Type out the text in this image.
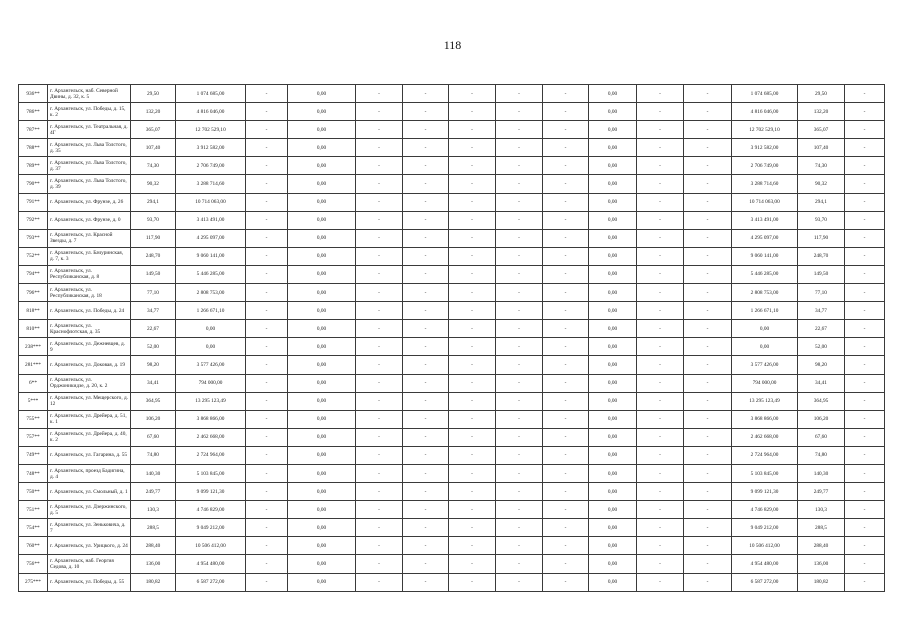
118
936**	г. Архангельск, наб. Северной Двины, д. 32, к. 5	29,50	1 074 685,00	-	0,00	-	-	-	-	-	0,00	-	-	1 074 685,00	29,50	-
786**	г. Архангельск, ул. Победы, д. 15, к. 2	132,20	4 816 046,00	-	0,00	-	-	-	-	-	0,00	-	-	4 816 046,00	132,20	-
787**	г. Архангельск, ул. Театральная, д. 4Г	365,07	12 702 529,10	-	0,00	-	-	-	-	-	0,00	-	-	12 702 529,10	365,07	-
788**	г. Архангельск, ул. Льва Толстого, д. 35	107,40	3 912 582,00	-	0,00	-	-	-	-	-	0,00	-	-	3 912 582,00	107,40	-
789**	г. Архангельск, ул. Льва Толстого, д. 37	74,30	2 706 749,00	-	0,00	-	-	-	-	-	0,00	-	-	2 706 749,00	74,30	-
790**	г. Архангельск, ул. Льва Толстого, д. 39	90,32	3 288 714,60	-	0,00	-	-	-	-	-	0,00	-	-	3 288 714,60	90,32	-
791**	г. Архангельск, ул. Фрунзе, д. 26	294,1	10 714 063,00	-	0,00	-	-	-	-	-	0,00	-	-	10 714 063,00	294,1	-
792**	г. Архангельск, ул. Фрунзе, д. 0	93,70	3 413 491,00	-	0,00	-	-	-	-	-	0,00	-	-	3 413 491,00	93,70	-
793**	г. Архангельск, ул. Красной Звезды, д. 7	117,90	4 295 097,00	-	0,00	-	-	-	-	-	0,00	-	-	4 295 097,00	117,90	-
752**	г. Архангельск, ул. Бачуринская, д. 7, к. 3	248,70	9 060 141,00	-	0,00	-	-	-	-	-	0,00	-	-	9 060 141,00	248,70	-
794**	г. Архангельск, ул. Республиканская, д. 8	149,50	5 446 285,00	-	0,00	-	-	-	-	-	0,00	-	-	5 446 285,00	149,50	-
796**	г. Архангельск, ул. Республиканская, д. 18	77,10	2 808 753,00	-	0,00	-	-	-	-	-	0,00	-	-	2 808 753,00	77,10	-
818**	г. Архангельск, ул. Победы, д. 24	34,77	1 266 671,10	-	0,00	-	-	-	-	-	0,00	-	-	1 266 671,10	34,77	-
810**	г. Архангельск, ул. Краснофлотская, д. 35	22,67	0,00	-	0,00	-	-	-	-	-	0,00	-	-	0,00	22,67	-
238***	г. Архангельск, ул. Дежневцев, д. 9	52,00	0,00	-	0,00	-	-	-	-	-	0,00	-	-	0,00	52,00	-
281***	г. Архангельск, ул. Доковая, д. 19	98,20	3 577 426,00	-	0,00	-	-	-	-	-	0,00	-	-	3 577 426,00	98,20	-
6**	г. Архангельск, ул. Орджоникидзе, д. 20, к. 2	34,41	794 000,00	-	0,00	-	-	-	-	-	0,00	-	-	794 000,00	34,41	-
5***	г. Архангельск, ул. Мещерского, д. 12	364,95	13 295 123,49	-	0,00	-	-	-	-	-	0,00	-	-	13 295 123,49	364,95	-
755**	г. Архангельск, ул. Дрейера, д. 51, к. 1	106,20	3 868 866,00	-	0,00	-	-	-	-	-	0,00	-	-	3 868 866,00	106,20	-
757**	г. Архангельск, ул. Дрейера, д. 40, к. 2	67,60	2 462 668,00	-	0,00	-	-	-	-	-	0,00	-	-	2 462 668,00	67,60	-
749**	г. Архангельск, ул. Гагарина, д. 55	74,80	2 724 964,00	-	0,00	-	-	-	-	-	0,00	-	-	2 724 964,00	74,80	-
748**	г. Архангельск, проезд Бадигина, д. 4	140,30	5 103 845,00	-	0,00	-	-	-	-	-	0,00	-	-	5 103 845,00	140,30	-
750**	г. Архангельск, ул. Смольный, д. 1	249,77	9 099 121,30	-	0,00	-	-	-	-	-	0,00	-	-	9 099 121,30	249,77	-
751**	г. Архангельск, ул. Дзержинского, д. 5	130,3	4 746 829,00	-	0,00	-	-	-	-	-	0,00	-	-	4 746 829,00	130,3	-
754**	г. Архангельск, ул. Зеньковича, д. 7	288,5	9 049 212,00	-	0,00	-	-	-	-	-	0,00	-	-	9 049 212,00	288,5	-
760**	г. Архангельск, ул. Урицкого, д. 24	288,40	10 506 412,00	-	0,00	-	-	-	-	-	0,00	-	-	10 506 412,00	288,40	-
756**	г. Архангельск, наб. Георгия Седова, д. 10	136,00	4 954 480,00	-	0,00	-	-	-	-	-	0,00	-	-	4 954 480,00	136,00	-
275***	г. Архангельск, ул. Победы, д. 55	180,82	6 587 272,00	-	0,00	-	-	-	-	-	0,00	-	-	6 587 272,00	180,82	-
